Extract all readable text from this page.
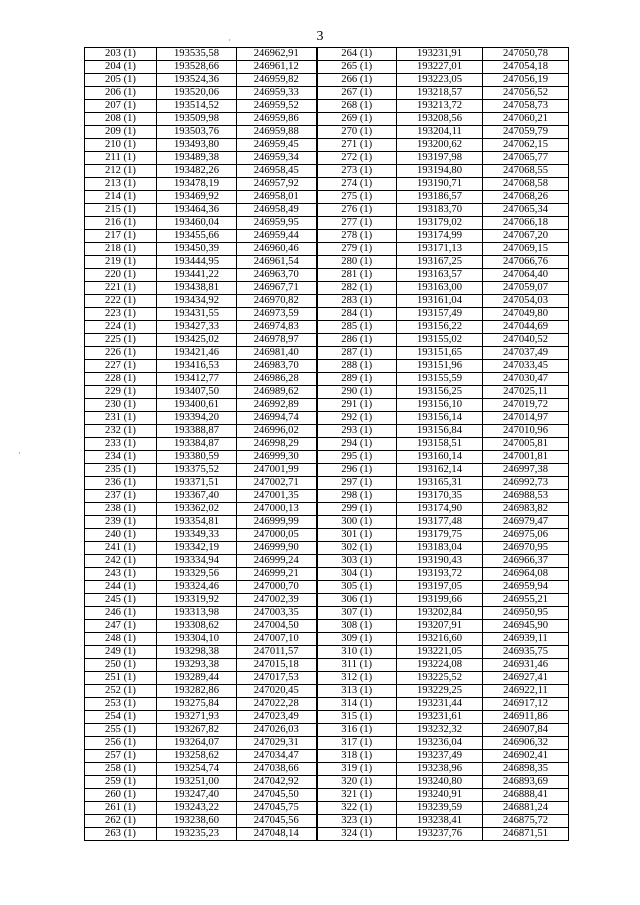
3
203 (1)	193535,58	246962,91	264 (1)	193231,91	247050,78
204 (1)	193528,66	246961,12	265 (1)	193227,01	247054,18
205 (1)	193524,36	246959,82	266 (1)	193223,05	247056,19
206 (1)	193520,06	246959,33	267 (1)	193218,57	247056,52
207 (1)	193514,52	246959,52	268 (1)	193213,72	247058,73
208 (1)	193509,98	246959,86	269 (1)	193208,56	247060,21
209 (1)	193503,76	246959,88	270 (1)	193204,11	247059,79
210 (1)	193493,80	246959,45	271 (1)	193200,62	247062,15
211 (1)	193489,38	246959,34	272 (1)	193197,98	247065,77
212 (1)	193482,26	246958,45	273 (1)	193194,80	247068,55
213 (1)	193478,19	246957,92	274 (1)	193190,71	247068,58
214 (1)	193469,92	246958,01	275 (1)	193186,57	247068,26
215 (1)	193464,36	246958,49	276 (1)	193183,70	247065,34
216 (1)	193460,04	246959,95	277 (1)	193179,02	247066,18
217 (1)	193455,66	246959,44	278 (1)	193174,99	247067,20
218 (1)	193450,39	246960,46	279 (1)	193171,13	247069,15
219 (1)	193444,95	246961,54	280 (1)	193167,25	247066,76
220 (1)	193441,22	246963,70	281 (1)	193163,57	247064,40
221 (1)	193438,81	246967,71	282 (1)	193163,00	247059,07
222 (1)	193434,92	246970,82	283 (1)	193161,04	247054,03
223 (1)	193431,55	246973,59	284 (1)	193157,49	247049,80
224 (1)	193427,33	246974,83	285 (1)	193156,22	247044,69
225 (1)	193425,02	246978,97	286 (1)	193155,02	247040,52
226 (1)	193421,46	246981,40	287 (1)	193151,65	247037,49
227 (1)	193416,53	246983,70	288 (1)	193151,96	247033,45
228 (1)	193412,77	246986,28	289 (1)	193155,59	247030,47
229 (1)	193407,50	246989,62	290 (1)	193156,25	247025,11
230 (1)	193400,61	246992,89	291 (1)	193156,10	247019,72
231 (1)	193394,20	246994,74	292 (1)	193156,14	247014,97
232 (1)	193388,87	246996,02	293 (1)	193156,84	247010,96
233 (1)	193384,87	246998,29	294 (1)	193158,51	247005,81
234 (1)	193380,59	246999,30	295 (1)	193160,14	247001,81
235 (1)	193375,52	247001,99	296 (1)	193162,14	246997,38
236 (1)	193371,51	247002,71	297 (1)	193165,31	246992,73
237 (1)	193367,40	247001,35	298 (1)	193170,35	246988,53
238 (1)	193362,02	247000,13	299 (1)	193174,90	246983,82
239 (1)	193354,81	246999,99	300 (1)	193177,48	246979,47
240 (1)	193349,33	247000,05	301 (1)	193179,75	246975,06
241 (1)	193342,19	246999,90	302 (1)	193183,04	246970,95
242 (1)	193334,94	246999,24	303 (1)	193190,43	246966,37
243 (1)	193329,56	246999,21	304 (1)	193193,72	246964,08
244 (1)	193324,46	247000,70	305 (1)	193197,05	246959,94
245 (1)	193319,92	247002,39	306 (1)	193199,66	246955,21
246 (1)	193313,98	247003,35	307 (1)	193202,84	246950,95
247 (1)	193308,62	247004,50	308 (1)	193207,91	246945,90
248 (1)	193304,10	247007,10	309 (1)	193216,60	246939,11
249 (1)	193298,38	247011,57	310 (1)	193221,05	246935,75
250 (1)	193293,38	247015,18	311 (1)	193224,08	246931,46
251 (1)	193289,44	247017,53	312 (1)	193225,52	246927,41
252 (1)	193282,86	247020,45	313 (1)	193229,25	246922,11
253 (1)	193275,84	247022,28	314 (1)	193231,44	246917,12
254 (1)	193271,93	247023,49	315 (1)	193231,61	246911,86
255 (1)	193267,82	247026,03	316 (1)	193232,32	246907,84
256 (1)	193264,07	247029,31	317 (1)	193236,04	246906,32
257 (1)	193258,62	247034,47	318 (1)	193237,49	246902,41
258 (1)	193254,74	247038,66	319 (1)	193238,96	246898,35
259 (1)	193251,00	247042,92	320 (1)	193240,80	246893,69
260 (1)	193247,40	247045,50	321 (1)	193240,91	246888,41
261 (1)	193243,22	247045,75	322 (1)	193239,59	246881,24
262 (1)	193238,60	247045,56	323 (1)	193238,41	246875,72
263 (1)	193235,23	247048,14	324 (1)	193237,76	246871,51
·
·
